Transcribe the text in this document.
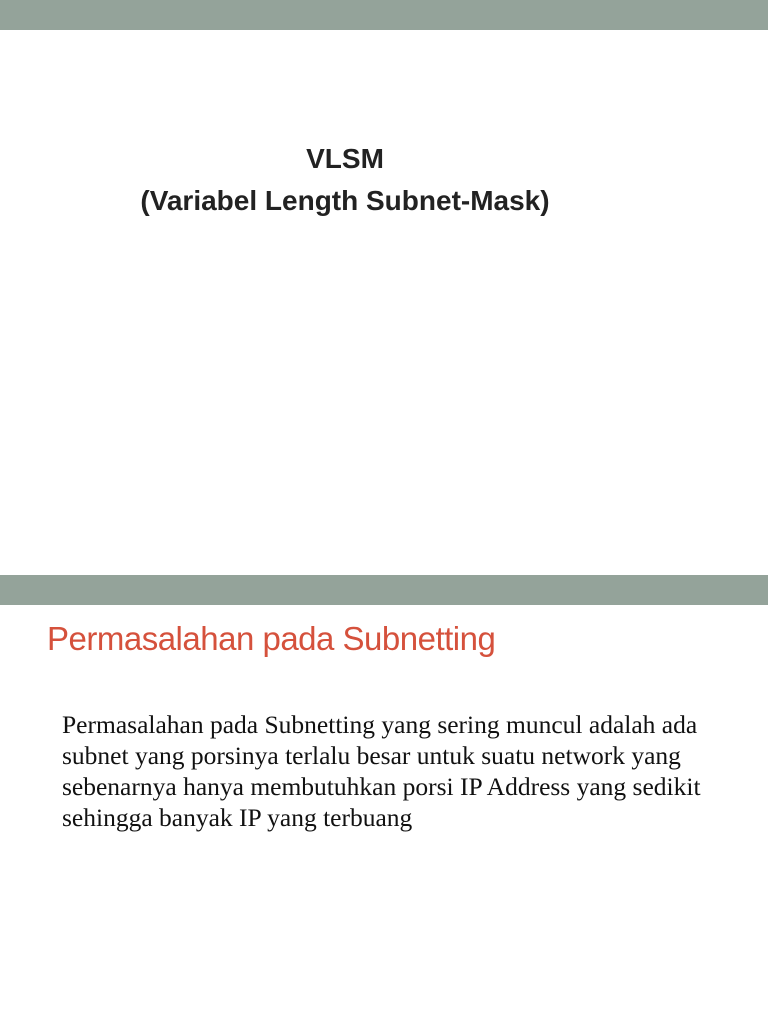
VLSM
(Variabel Length Subnet-Mask)
Permasalahan pada Subnetting

Permasalahan pada Subnetting yang sering muncul adalah ada subnet yang porsinya terlalu besar untuk suatu network yang sebenarnya hanya membutuhkan porsi IP Address yang sedikit sehingga banyak IP yang terbuang
